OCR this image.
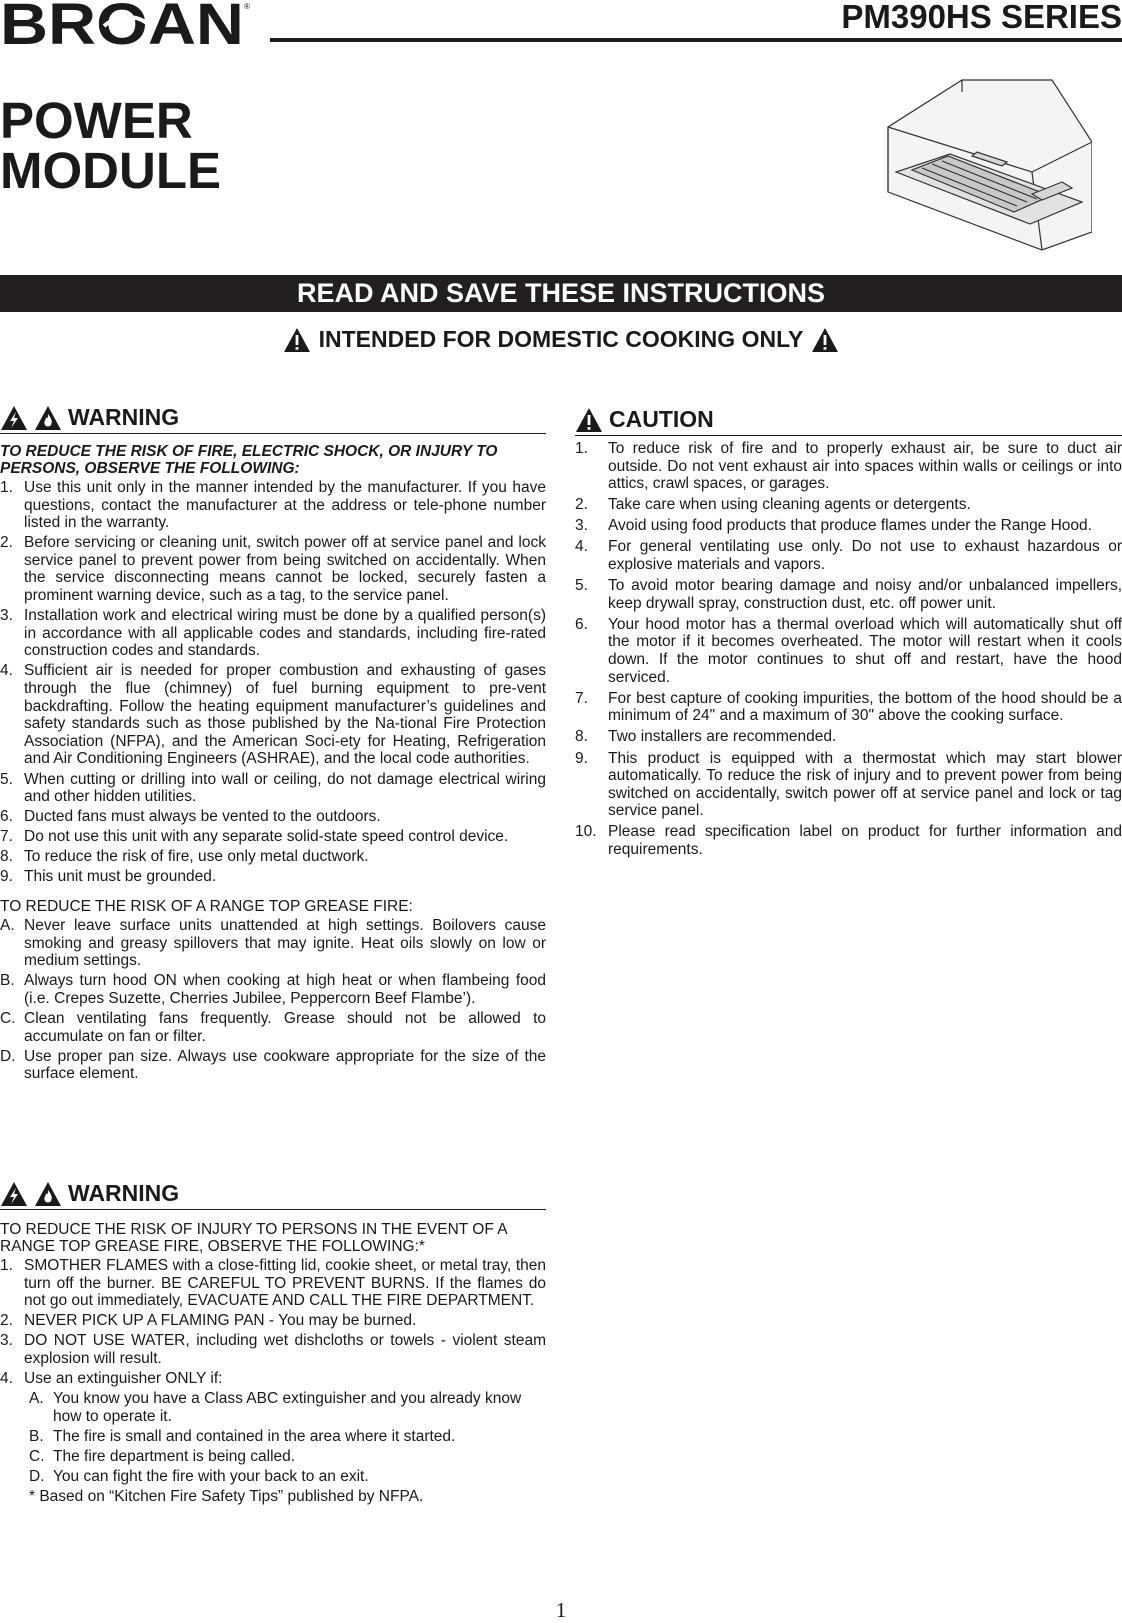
BROAN ®	PM390HS SERIES
POWER
MODULE
READ AND SAVE THESE INSTRUCTIONS
INTENDED FOR DOMESTIC COOKING ONLY
WARNING
TO REDUCE THE RISK OF FIRE, ELECTRIC SHOCK, OR INJURY TO PERSONS, OBSERVE THE FOLLOWING:
1. Use this unit only in the manner intended by the manufacturer. If you have questions, contact the manufacturer at the address or tele-phone number listed in the warranty.
2. Before servicing or cleaning unit, switch power off at service panel and lock service panel to prevent power from being switched on accidentally. When the service disconnecting means cannot be locked, securely fasten a prominent warning device, such as a tag, to the service panel.
3. Installation work and electrical wiring must be done by a qualified person(s) in accordance with all applicable codes and standards, including fire-rated construction codes and standards.
4. Sufficient air is needed for proper combustion and exhausting of gases through the flue (chimney) of fuel burning equipment to pre-vent backdrafting. Follow the heating equipment manufacturer’s guidelines and safety standards such as those published by the Na-tional Fire Protection Association (NFPA), and the American Soci-ety for Heating, Refrigeration and Air Conditioning Engineers (ASHRAE), and the local code authorities.
5. When cutting or drilling into wall or ceiling, do not damage electrical wiring and other hidden utilities.
6. Ducted fans must always be vented to the outdoors.
7. Do not use this unit with any separate solid-state speed control device.
8. To reduce the risk of fire, use only metal ductwork.
9. This unit must be grounded.
TO REDUCE THE RISK OF A RANGE TOP GREASE FIRE:
A. Never leave surface units unattended at high settings. Boilovers cause smoking and greasy spillovers that may ignite. Heat oils slowly on low or medium settings.
B. Always turn hood ON when cooking at high heat or when flambeing food (i.e. Crepes Suzette, Cherries Jubilee, Peppercorn Beef Flambe’).
C. Clean ventilating fans frequently. Grease should not be allowed to accumulate on fan or filter.
D. Use proper pan size. Always use cookware appropriate for the size of the surface element.
WARNING
TO REDUCE THE RISK OF INJURY TO PERSONS IN THE EVENT OF A RANGE TOP GREASE FIRE, OBSERVE THE FOLLOWING:*
1. SMOTHER FLAMES with a close-fitting lid, cookie sheet, or metal tray, then turn off the burner. BE CAREFUL TO PREVENT BURNS. If the flames do not go out immediately, EVACUATE AND CALL THE FIRE DEPARTMENT.
2. NEVER PICK UP A FLAMING PAN - You may be burned.
3. DO NOT USE WATER, including wet dishcloths or towels - violent steam explosion will result.
4. Use an extinguisher ONLY if:
A. You know you have a Class ABC extinguisher and you already know how to operate it.
B. The fire is small and contained in the area where it started.
C. The fire department is being called.
D. You can fight the fire with your back to an exit.
* Based on “Kitchen Fire Safety Tips” published by NFPA.
CAUTION
1.	To reduce risk of fire and to properly exhaust air, be sure to duct air outside. Do not vent exhaust air into spaces within walls or ceilings or into attics, crawl spaces, or garages.
2.	Take care when using cleaning agents or detergents.
3.	Avoid using food products that produce flames under the Range Hood.
4.	For general ventilating use only. Do not use to exhaust hazardous or explosive materials and vapors.
5.	To avoid motor bearing damage and noisy and/or unbalanced impellers, keep drywall spray, construction dust, etc. off power unit.
6.	Your hood motor has a thermal overload which will automatically shut off the motor if it becomes overheated. The motor will restart when it cools down. If the motor continues to shut off and restart, have the hood serviced.
7.	For best capture of cooking impurities, the bottom of the hood should be a minimum of 24" and a maximum of 30" above the cooking surface.
8.	Two installers are recommended.
9.	This product is equipped with a thermostat which may start blower automatically. To reduce the risk of injury and to prevent power from being switched on accidentally, switch power off at service panel and lock or tag service panel.
10. Please read specification label on product for further information and requirements.
1
